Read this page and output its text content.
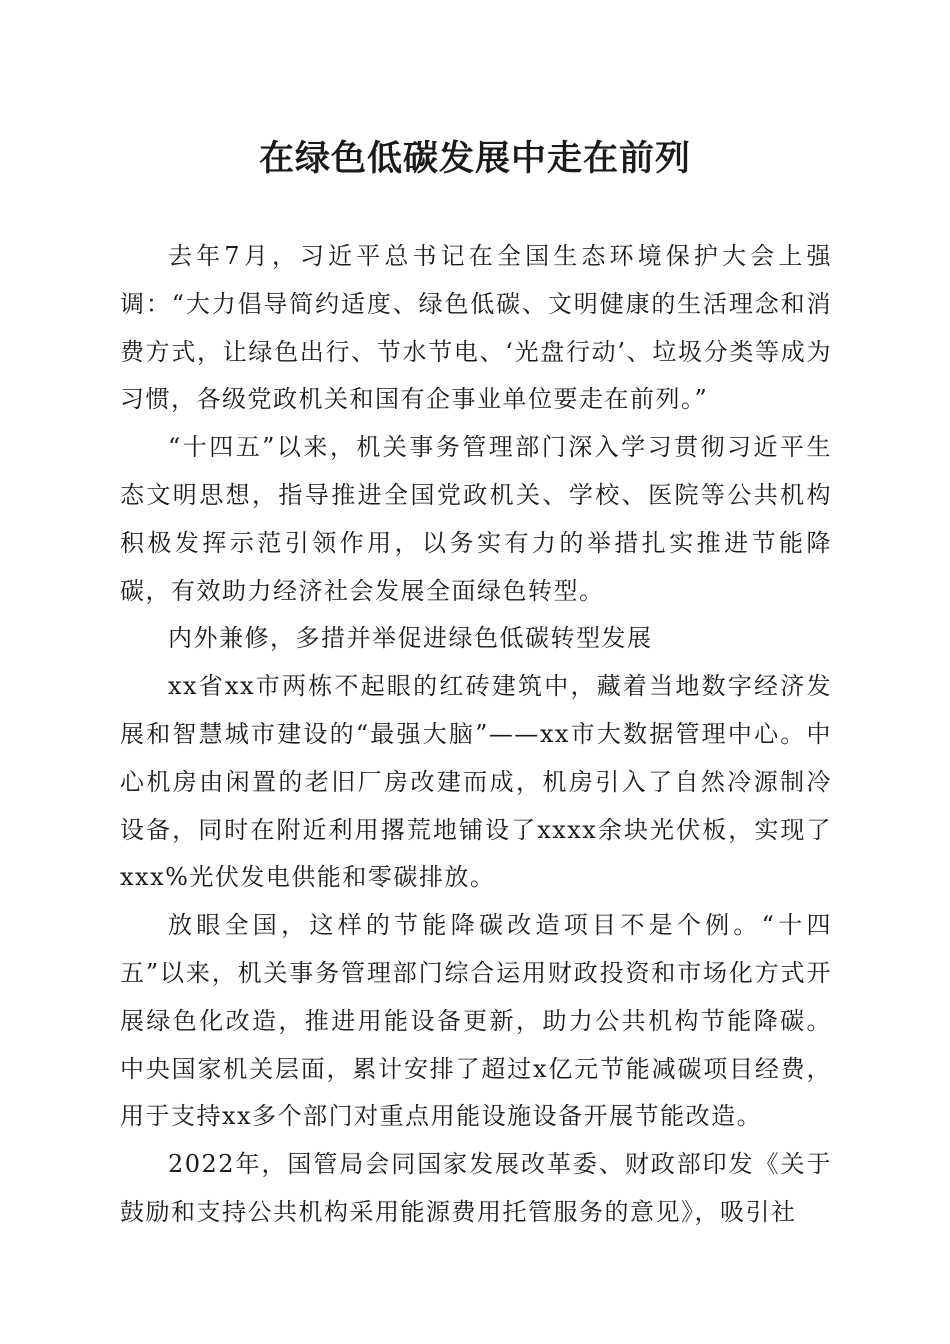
在绿色低碳发展中走在前列

去年7月，习近平总书记在全国生态环境保护大会上强调：“大力倡导简约适度、绿色低碳、文明健康的生活理念和消费方式，让绿色出行、节水节电、‘光盘行动’、垃圾分类等成为习惯，各级党政机关和国有企事业单位要走在前列。”

“十四五”以来，机关事务管理部门深入学习贯彻习近平生态文明思想，指导推进全国党政机关、学校、医院等公共机构积极发挥示范引领作用，以务实有力的举措扎实推进节能降碳，有效助力经济社会发展全面绿色转型。

内外兼修，多措并举促进绿色低碳转型发展

xx省xx市两栋不起眼的红砖建筑中，藏着当地数字经济发展和智慧城市建设的“最强大脑”——xx市大数据管理中心。中心机房由闲置的老旧厂房改建而成，机房引入了自然冷源制冷设备，同时在附近利用撂荒地铺设了xxxx余块光伏板，实现了xxx%光伏发电供能和零碳排放。

放眼全国，这样的节能降碳改造项目不是个例。“十四五”以来，机关事务管理部门综合运用财政投资和市场化方式开展绿色化改造，推进用能设备更新，助力公共机构节能降碳。中央国家机关层面，累计安排了超过x亿元节能减碳项目经费，用于支持xx多个部门对重点用能设施设备开展节能改造。

2022年，国管局会同国家发展改革委、财政部印发《关于鼓励和支持公共机构采用能源费用托管服务的意见》，吸引社
